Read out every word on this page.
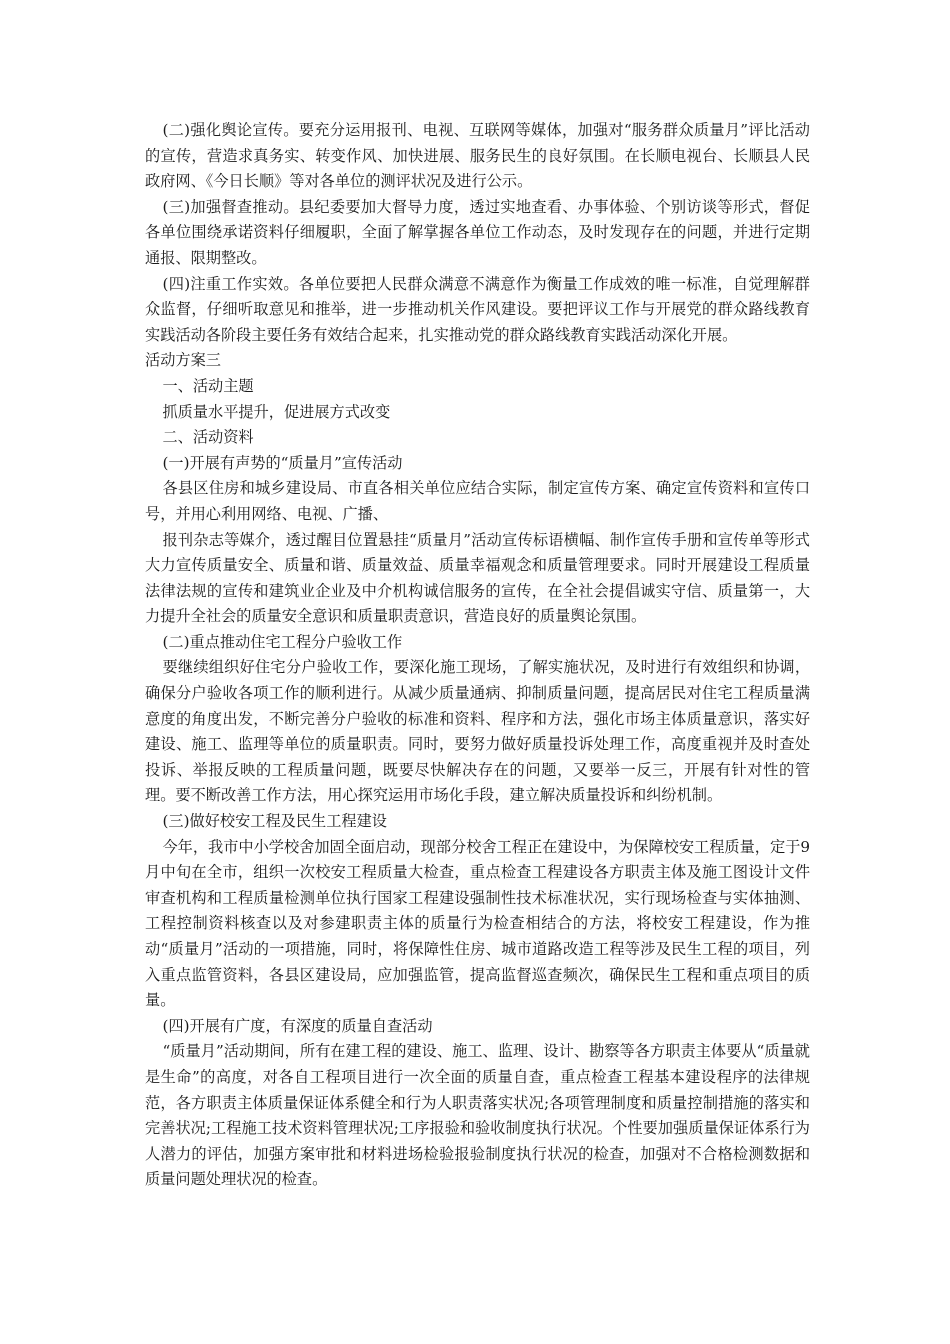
(二)强化舆论宣传。要充分运用报刊、电视、互联网等媒体，加强对“服务群众质量月”评比活动的宣传，营造求真务实、转变作风、加快进展、服务民生的良好氛围。在长顺电视台、长顺县人民政府网、《今日长顺》等对各单位的测评状况及进行公示。

(三)加强督查推动。县纪委要加大督导力度，透过实地查看、办事体验、个别访谈等形式，督促各单位围绕承诺资料仔细履职，全面了解掌握各单位工作动态，及时发现存在的问题，并进行定期通报、限期整改。

(四)注重工作实效。各单位要把人民群众满意不满意作为衡量工作成效的唯一标准，自觉理解群众监督，仔细听取意见和推举，进一步推动机关作风建设。要把评议工作与开展党的群众路线教育实践活动各阶段主要任务有效结合起来，扎实推动党的群众路线教育实践活动深化开展。

活动方案三

一、活动主题

抓质量水平提升，促进展方式改变

二、活动资料

(一)开展有声势的“质量月”宣传活动

各县区住房和城乡建设局、市直各相关单位应结合实际，制定宣传方案、确定宣传资料和宣传口号，并用心利用网络、电视、广播、

报刊杂志等媒介，透过醒目位置悬挂“质量月”活动宣传标语横幅、制作宣传手册和宣传单等形式大力宣传质量安全、质量和谐、质量效益、质量幸福观念和质量管理要求。同时开展建设工程质量法律法规的宣传和建筑业企业及中介机构诚信服务的宣传，在全社会提倡诚实守信、质量第一，大力提升全社会的质量安全意识和质量职责意识，营造良好的质量舆论氛围。

(二)重点推动住宅工程分户验收工作

要继续组织好住宅分户验收工作，要深化施工现场，了解实施状况，及时进行有效组织和协调，确保分户验收各项工作的顺利进行。从减少质量通病、抑制质量问题，提高居民对住宅工程质量满意度的角度出发，不断完善分户验收的标准和资料、程序和方法，强化市场主体质量意识，落实好建设、施工、监理等单位的质量职责。同时，要努力做好质量投诉处理工作，高度重视并及时查处投诉、举报反映的工程质量问题，既要尽快解决存在的问题，又要举一反三，开展有针对性的管理。要不断改善工作方法，用心探究运用市场化手段，建立解决质量投诉和纠纷机制。

(三)做好校安工程及民生工程建设

今年，我市中小学校舍加固全面启动，现部分校舍工程正在建设中，为保障校安工程质量，定于9月中旬在全市，组织一次校安工程质量大检查，重点检查工程建设各方职责主体及施工图设计文件审查机构和工程质量检测单位执行国家工程建设强制性技术标准状况，实行现场检查与实体抽测、工程控制资料核查以及对参建职责主体的质量行为检查相结合的方法，将校安工程建设，作为推动“质量月”活动的一项措施，同时，将保障性住房、城市道路改造工程等涉及民生工程的项目，列入重点监管资料，各县区建设局，应加强监管，提高监督巡查频次，确保民生工程和重点项目的质量。

(四)开展有广度，有深度的质量自查活动

“质量月”活动期间，所有在建工程的建设、施工、监理、设计、勘察等各方职责主体要从“质量就是生命”的高度，对各自工程项目进行一次全面的质量自查，重点检查工程基本建设程序的法律规范，各方职责主体质量保证体系健全和行为人职责落实状况;各项管理制度和质量控制措施的落实和完善状况;工程施工技术资料管理状况;工序报验和验收制度执行状况。个性要加强质量保证体系行为人潜力的评估，加强方案审批和材料进场检验报验制度执行状况的检查，加强对不合格检测数据和质量问题处理状况的检查。
